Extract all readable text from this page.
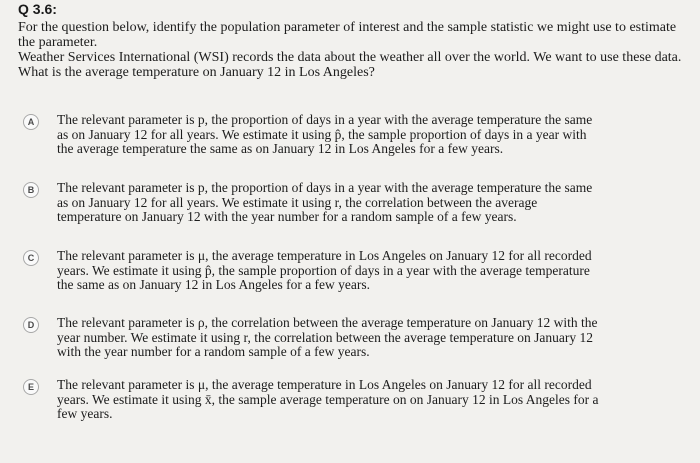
Q 3.6:
For the question below, identify the population parameter of interest and the sample statistic we might use to estimate
the parameter.
Weather Services International (WSI) records the data about the weather all over the world. We want to use these data.
What is the average temperature on January 12 in Los Angeles?
A	The relevant parameter is p, the proportion of days in a year with the average temperature the same
as on January 12 for all years. We estimate it using p̂, the sample proportion of days in a year with
the average temperature the same as on January 12 in Los Angeles for a few years.
B	The relevant parameter is p, the proportion of days in a year with the average temperature the same
as on January 12 for all years. We estimate it using r, the correlation between the average
temperature on January 12 with the year number for a random sample of a few years.
C	The relevant parameter is μ, the average temperature in Los Angeles on January 12 for all recorded
years. We estimate it using p̂, the sample proportion of days in a year with the average temperature
the same as on January 12 in Los Angeles for a few years.
D	The relevant parameter is ρ, the correlation between the average temperature on January 12 with the
year number. We estimate it using r, the correlation between the average temperature on January 12
with the year number for a random sample of a few years.
E	The relevant parameter is μ, the average temperature in Los Angeles on January 12 for all recorded
years. We estimate it using x̄, the sample average temperature on on January 12 in Los Angeles for a
few years.
